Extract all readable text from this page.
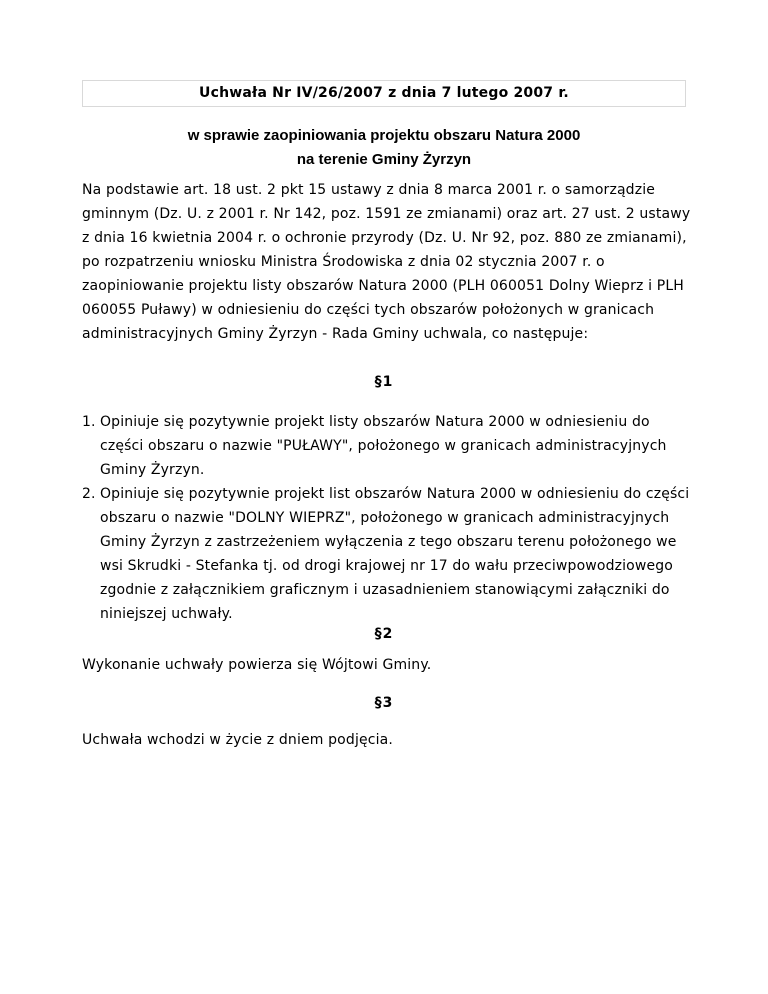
Uchwała Nr IV/26/2007 z dnia 7 lutego 2007 r.
w sprawie zaopiniowania projektu obszaru Natura 2000
na terenie Gminy Żyrzyn
Na podstawie art. 18 ust. 2 pkt 15 ustawy z dnia 8 marca 2001 r. o samorządzie gminnym (Dz. U. z 2001 r. Nr 142, poz. 1591 ze zmianami) oraz art. 27 ust. 2 ustawy z dnia 16 kwietnia 2004 r. o ochronie przyrody (Dz. U. Nr 92, poz. 880 ze zmianami), po rozpatrzeniu wniosku Ministra Środowiska z dnia 02 stycznia 2007 r. o zaopiniowanie projektu listy obszarów Natura 2000 (PLH 060051 Dolny Wieprz i PLH 060055 Puławy) w odniesieniu do części tych obszarów położonych w granicach administracyjnych Gminy Żyrzyn - Rada Gminy uchwala, co następuje:
§1
1. Opiniuje się pozytywnie projekt listy obszarów Natura 2000 w odniesieniu do części obszaru o nazwie "PUŁAWY", położonego w granicach administracyjnych Gminy Żyrzyn.
2. Opiniuje się pozytywnie projekt list obszarów Natura 2000 w odniesieniu do części obszaru o nazwie "DOLNY WIEPRZ", położonego w granicach administracyjnych Gminy Żyrzyn z zastrzeżeniem wyłączenia z tego obszaru terenu położonego we wsi Skrudki - Stefanka tj. od drogi krajowej nr 17 do wału przeciwpowodziowego zgodnie z załącznikiem graficznym i uzasadnieniem stanowiącymi załączniki do niniejszej uchwały.
§2
Wykonanie uchwały powierza się Wójtowi Gminy.
§3
Uchwała wchodzi w życie z dniem podjęcia.
